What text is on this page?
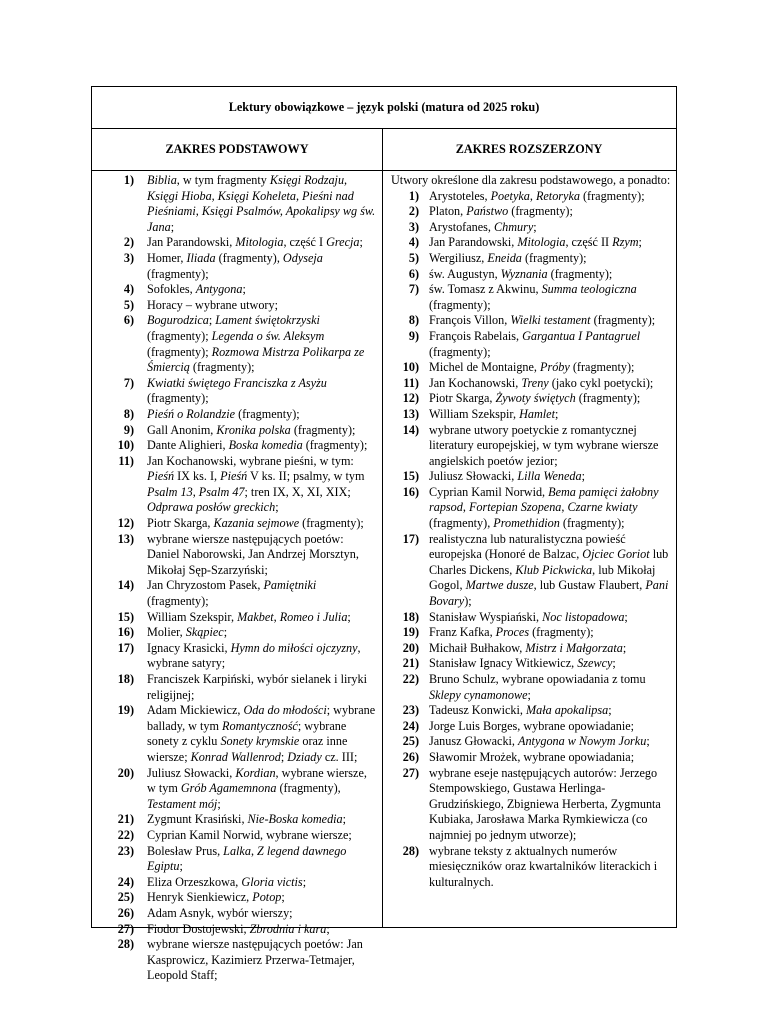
Lektury obowiązkowe – język polski (matura od 2025 roku)
ZAKRES PODSTAWOWY	ZAKRES ROZSZERZONY
1) Biblia, w tym fragmenty Księgi Rodzaju, Księgi Hioba, Księgi Koheleta, Pieśni nad Pieśniami, Księgi Psalmów, Apokalipsy wg św. Jana;
2) Jan Parandowski, Mitologia, część I Grecja;
3) Homer, Iliada (fragmenty), Odyseja (fragmenty);
4) Sofokles, Antygona;
5) Horacy – wybrane utwory;
6) Bogurodzica; Lament świętokrzyski (fragmenty); Legenda o św. Aleksym (fragmenty); Rozmowa Mistrza Polikarpa ze Śmiercią (fragmenty);
7) Kwiatki świętego Franciszka z Asyżu (fragmenty);
8) Pieśń o Rolandzie (fragmenty);
9) Gall Anonim, Kronika polska (fragmenty);
10) Dante Alighieri, Boska komedia (fragmenty);
11) Jan Kochanowski, wybrane pieśni, w tym: Pieśń IX ks. I, Pieśń V ks. II; psalmy, w tym Psalm 13, Psalm 47; tren IX, X, XI, XIX; Odprawa posłów greckich;
12) Piotr Skarga, Kazania sejmowe (fragmenty);
13) wybrane wiersze następujących poetów: Daniel Naborowski, Jan Andrzej Morsztyn, Mikołaj Sęp-Szarzyński;
14) Jan Chryzostom Pasek, Pamiętniki (fragmenty);
15) William Szekspir, Makbet, Romeo i Julia;
16) Molier, Skąpiec;
17) Ignacy Krasicki, Hymn do miłości ojczyzny, wybrane satyry;
18) Franciszek Karpiński, wybór sielanek i liryki religijnej;
19) Adam Mickiewicz, Oda do młodości; wybrane ballady, w tym Romantyczność; wybrane sonety z cyklu Sonety krymskie oraz inne wiersze; Konrad Wallenrod; Dziady cz. III;
20) Juliusz Słowacki, Kordian, wybrane wiersze, w tym Grób Agamemnona (fragmenty), Testament mój;
21) Zygmunt Krasiński, Nie-Boska komedia;
22) Cyprian Kamil Norwid, wybrane wiersze;
23) Bolesław Prus, Lalka, Z legend dawnego Egiptu;
24) Eliza Orzeszkowa, Gloria victis;
25) Henryk Sienkiewicz, Potop;
26) Adam Asnyk, wybór wierszy;
27) Fiodor Dostojewski, Zbrodnia i kara;
28) wybrane wiersze następujących poetów: Jan Kasprowicz, Kazimierz Przerwa-Tetmajer, Leopold Staff;
Utwory określone dla zakresu podstawowego, a ponadto:
1) Arystoteles, Poetyka, Retoryka (fragmenty);
2) Platon, Państwo (fragmenty);
3) Arystofanes, Chmury;
4) Jan Parandowski, Mitologia, część II Rzym;
5) Wergiliusz, Eneida (fragmenty);
6) św. Augustyn, Wyznania (fragmenty);
7) św. Tomasz z Akwinu, Summa teologiczna (fragmenty);
8) François Villon, Wielki testament (fragmenty);
9) François Rabelais, Gargantua I Pantagruel (fragmenty);
10) Michel de Montaigne, Próby (fragmenty);
11) Jan Kochanowski, Treny (jako cykl poetycki);
12) Piotr Skarga, Żywoty świętych (fragmenty);
13) William Szekspir, Hamlet;
14) wybrane utwory poetyckie z romantycznej literatury europejskiej, w tym wybrane wiersze angielskich poetów jezior;
15) Juliusz Słowacki, Lilla Weneda;
16) Cyprian Kamil Norwid, Bema pamięci żałobny rapsod, Fortepian Szopena, Czarne kwiaty (fragmenty), Promethidion (fragmenty);
17) realistyczna lub naturalistyczna powieść europejska (Honoré de Balzac, Ojciec Goriot lub Charles Dickens, Klub Pickwicka, lub Mikołaj Gogol, Martwe dusze, lub Gustaw Flaubert, Pani Bovary);
18) Stanisław Wyspiański, Noc listopadowa;
19) Franz Kafka, Proces (fragmenty);
20) Michaił Bułhakow, Mistrz i Małgorzata;
21) Stanisław Ignacy Witkiewicz, Szewcy;
22) Bruno Schulz, wybrane opowiadania z tomu Sklepy cynamonowe;
23) Tadeusz Konwicki, Mała apokalipsa;
24) Jorge Luis Borges, wybrane opowiadanie;
25) Janusz Głowacki, Antygona w Nowym Jorku;
26) Sławomir Mrożek, wybrane opowiadania;
27) wybrane eseje następujących autorów: Jerzego Stempowskiego, Gustawa Herlinga-Grudzińskiego, Zbigniewa Herberta, Zygmunta Kubiaka, Jarosława Marka Rymkiewicza (co najmniej po jednym utworze);
28) wybrane teksty z aktualnych numerów miesięczników oraz kwartalników literackich i kulturalnych.
